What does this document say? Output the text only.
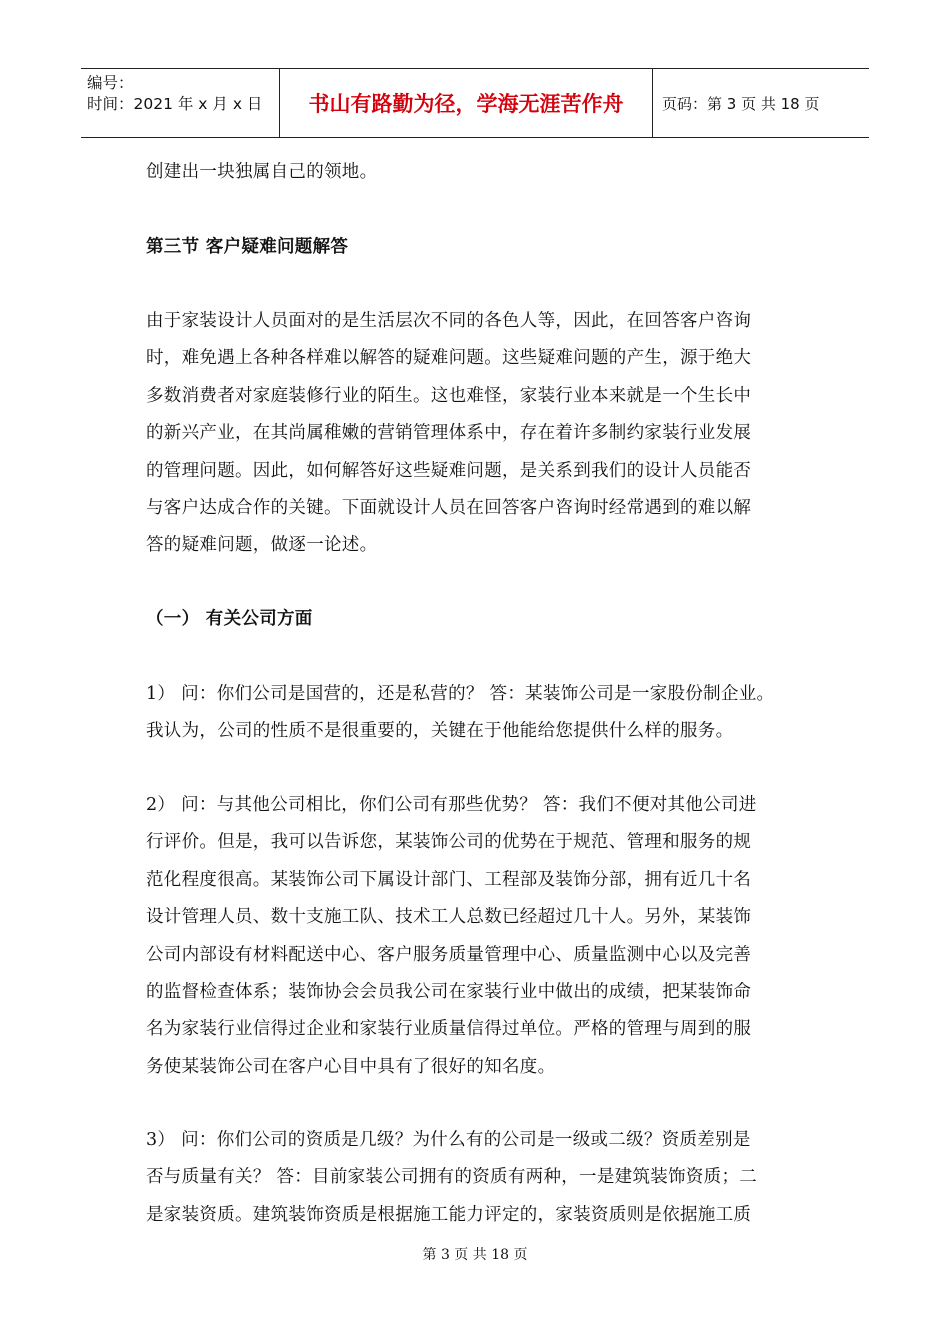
编号：
时间：2021 年 x 月 x 日	书山有路勤为径，学海无涯苦作舟	页码：第 3 页 共 18 页
创建出一块独属自己的领地。
第三节 客户疑难问题解答
由于家装设计人员面对的是生活层次不同的各色人等，因此，在回答客户咨询
时，难免遇上各种各样难以解答的疑难问题。这些疑难问题的产生，源于绝大
多数消费者对家庭装修行业的陌生。这也难怪，家装行业本来就是一个生长中
的新兴产业，在其尚属稚嫩的营销管理体系中，存在着许多制约家装行业发展
的管理问题。因此，如何解答好这些疑难问题，是关系到我们的设计人员能否
与客户达成合作的关键。下面就设计人员在回答客户咨询时经常遇到的难以解
答的疑难问题，做逐一论述。
（一） 有关公司方面
1） 问：你们公司是国营的，还是私营的？ 答：某装饰公司是一家股份制企业。
我认为，公司的性质不是很重要的，关键在于他能给您提供什么样的服务。
2） 问：与其他公司相比，你们公司有那些优势？ 答：我们不便对其他公司进
行评价。但是，我可以告诉您，某装饰公司的优势在于规范、管理和服务的规
范化程度很高。某装饰公司下属设计部门、工程部及装饰分部，拥有近几十名
设计管理人员、数十支施工队、技术工人总数已经超过几十人。另外，某装饰
公司内部设有材料配送中心、客户服务质量管理中心、质量监测中心以及完善
的监督检查体系；装饰协会会员我公司在家装行业中做出的成绩，把某装饰命
名为家装行业信得过企业和家装行业质量信得过单位。严格的管理与周到的服
务使某装饰公司在客户心目中具有了很好的知名度。
3） 问：你们公司的资质是几级？为什么有的公司是一级或二级？资质差别是
否与质量有关？ 答：目前家装公司拥有的资质有两种，一是建筑装饰资质；二
是家装资质。建筑装饰资质是根据施工能力评定的，家装资质则是依据施工质
第 3 页 共 18 页
